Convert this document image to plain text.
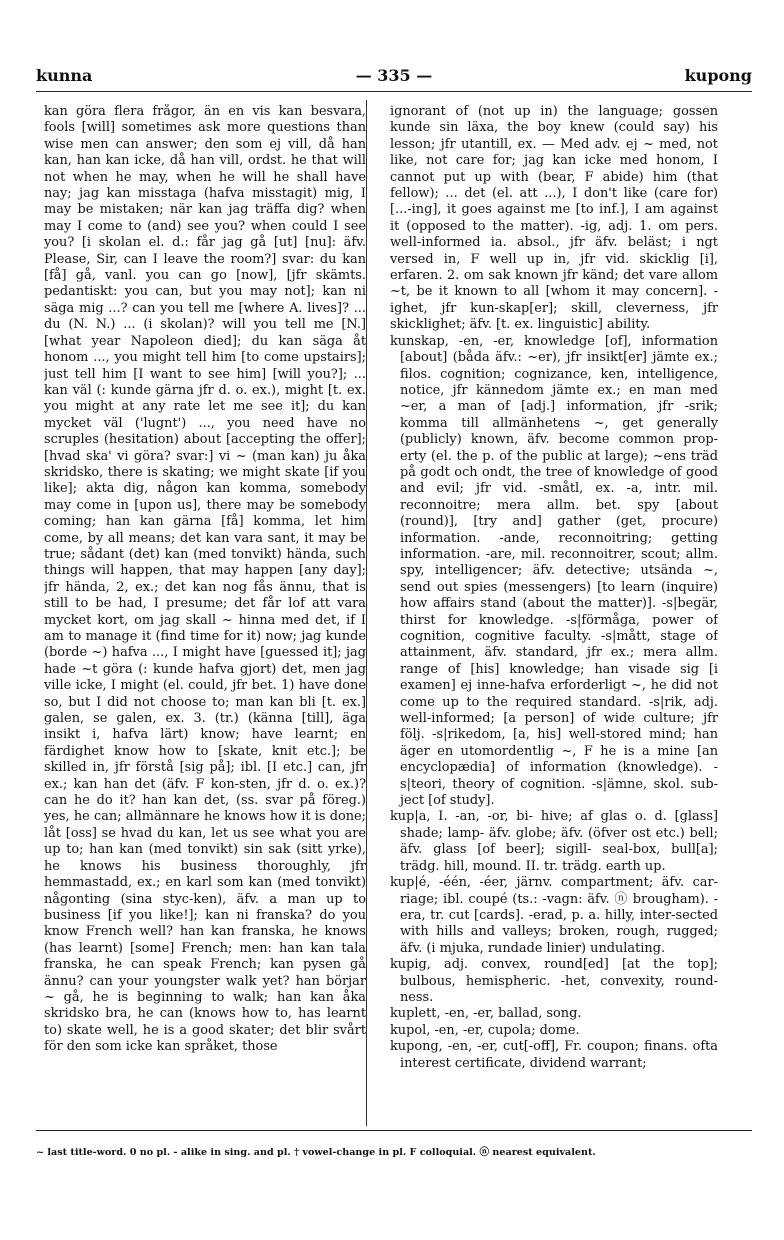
kunna	— 335 —	kupong

kan göra flera frågor, än en vis kan besvara, fools [will] sometimes ask more questions than wise men can answer; den som ej vill, då han kan, han kan icke, då han vill, ordst. he that will not when he may, when he will he shall have nay; jag kan misstaga (hafva misstagit) mig, I may be mistaken; när kan jag träffa dig? when may I come to (and) see you? when could I see you? [i skolan el. d.: får jag gå [ut] [nu]: äfv. Please, Sir, can I leave the room?] svar: du kan [få] gå, vanl. you can go [now], [jfr skämts. pedantiskt: you can, but you may not]; kan ni säga mig ...? can you tell me [where A. lives]? ... du (N. N.) ... (i skolan)? will you tell me [N.] [what year Napoleon died]; du kan säga åt honom ..., you might tell him [to come upstairs]; just tell him [I want to see him] [will you?]; ... kan väl (: kunde gärna jfr d. o. ex.), might [t. ex. you might at any rate let me see it]; du kan mycket väl ('lugnt') ..., you need have no scruples (hesitation) about [accepting the offer]; [hvad ska' vi göra? svar:] vi ~ (man kan) ju åka skridsko, there is skating; we might skate [if you like]; akta dig, någon kan komma, somebody may come in [upon us], there may be somebody coming; han kan gärna [få] komma, let him come, by all means; det kan vara sant, it may be true; sådant (det) kan (med tonvikt) hända, such things will happen, that may happen [any day]; jfr hända, 2, ex.; det kan nog fås ännu, that is still to be had, I presume; det får lof att vara mycket kort, om jag skall ~ hinna med det, if I am to manage it (find time for it) now; jag kunde (borde ~) hafva ..., I might have [guessed it]; jag hade ~t göra (: kunde hafva gjort) det, men jag ville icke, I might (el. could, jfr bet. 1) have done so, but I did not choose to; man kan bli [t. ex.] galen, se galen, ex. 3. (tr.) (känna [till], äga insikt i, hafva lärt) know; have learnt; en färdighet know how to [skate, knit etc.]; be skilled in, jfr förstå [sig på]; ibl. [I etc.] can, jfr ex.; kan han det (äfv. F kon-sten, jfr d. o. ex.)? can he do it? han kan det, (ss. svar på föreg.) yes, he can; allmännare he knows how it is done; låt [oss] se hvad du kan, let us see what you are up to; han kan (med tonvikt) sin sak (sitt yrke), he knows his business thoroughly, jfr hemmastadd, ex.; en karl som kan (med tonvikt) någonting (sina styc-ken), äfv. a man up to business [if you like!]; kan ni franska? do you know French well? han kan franska, he knows (has learnt) [some] French; men: han kan tala franska, he can speak French; kan pysen gå ännu? can your youngster walk yet? han börjar ~ gå, he is beginning to walk; han kan åka skridsko bra, he can (knows how to, has learnt to) skate well, he is a good skater; det blir svårt för den som icke kan språket, those

ignorant of (not up in) the language; gossen kunde sin läxa, the boy knew (could say) his lesson; jfr utantill, ex. — Med adv. ej ~ med, not like, not care for; jag kan icke med honom, I cannot put up with (bear, F abide) him (that fellow); ... det (el. att ...), I don't like (care for) [...-ing], it goes against me [to inf.], I am against it (opposed to the matter). -ig, adj. 1. om pers. well-informed ia. absol., jfr äfv. beläst; i ngt versed in, F well up in, jfr vid. skicklig [i], erfaren. 2. om sak known jfr känd; det vare allom ~t, be it known to all [whom it may concern]. -ighet, jfr kun-skap[er]; skill, cleverness, jfr skicklighet; äfv. [t. ex. linguistic] ability.

kunskap, -en, -er, knowledge [of], information [about] (båda äfv.: ~er), jfr insikt[er] jämte ex.; filos. cognition; cognizance, ken, intelligence, notice, jfr kännedom jämte ex.; en man med ~er, a man of [adj.] information, jfr -srik; komma till allmänhetens ~, get generally (publicly) known, äfv. become common prop-erty (el. the p. of the public at large); ~ens träd på godt och ondt, the tree of knowledge of good and evil; jfr vid. -småtl, ex. -a, intr. mil. reconnoitre; mera allm. bet. spy [about (round)], [try and] gather (get, procure) information. -ande, reconnoitring; getting information. -are, mil. reconnoitrer, scout; allm. spy, intelligencer; äfv. detective; utsända ~, send out spies (messengers) [to learn (inquire) how affairs stand (about the matter)]. -s|begär, thirst for knowledge. -s|förmåga, power of cognition, cognitive faculty. -s|mått, stage of attainment, äfv. standard, jfr ex.; mera allm. range of [his] knowledge; han visade sig [i examen] ej inne-hafva erforderligt ~, he did not come up to the required standard. -s|rik, adj. well-informed; [a person] of wide culture; jfr följ. -s|rikedom, [a, his] well-stored mind; han äger en utomordentlig ~, F he is a mine [an encyclopædia] of information (knowledge). -s|teori, theory of cognition. -s|ämne, skol. sub-ject [of study].

kup|a, I. -an, -or, bi- hive; af glas o. d. [glass] shade; lamp- äfv. globe; äfv. (öfver ost etc.) bell; äfv. glass [of beer]; sigill- seal-box, bull[a]; trädg. hill, mound. II. tr. trädg. earth up.

kup|é, -één, -éer, järnv. compartment; äfv. car-riage; ibl. coupé (ts.: -vagn: äfv. ⓝ brougham). -era, tr. cut [cards]. -erad, p. a. hilly, inter-sected with hills and valleys; broken, rough, rugged; äfv. (i mjuka, rundade linier) undulating.

kupig, adj. convex, round[ed] [at the top]; bulbous, hemispheric. -het, convexity, round-ness.

kuplett, -en, -er, ballad, song.

kupol, -en, -er, cupola; dome.

kupong, -en, -er, cut[-off], Fr. coupon; finans. ofta interest certificate, dividend warrant;

~ last title-word. 0 no pl. - alike in sing. and pl. † vowel-change in pl. F colloquial. ⓝ nearest equivalent.
